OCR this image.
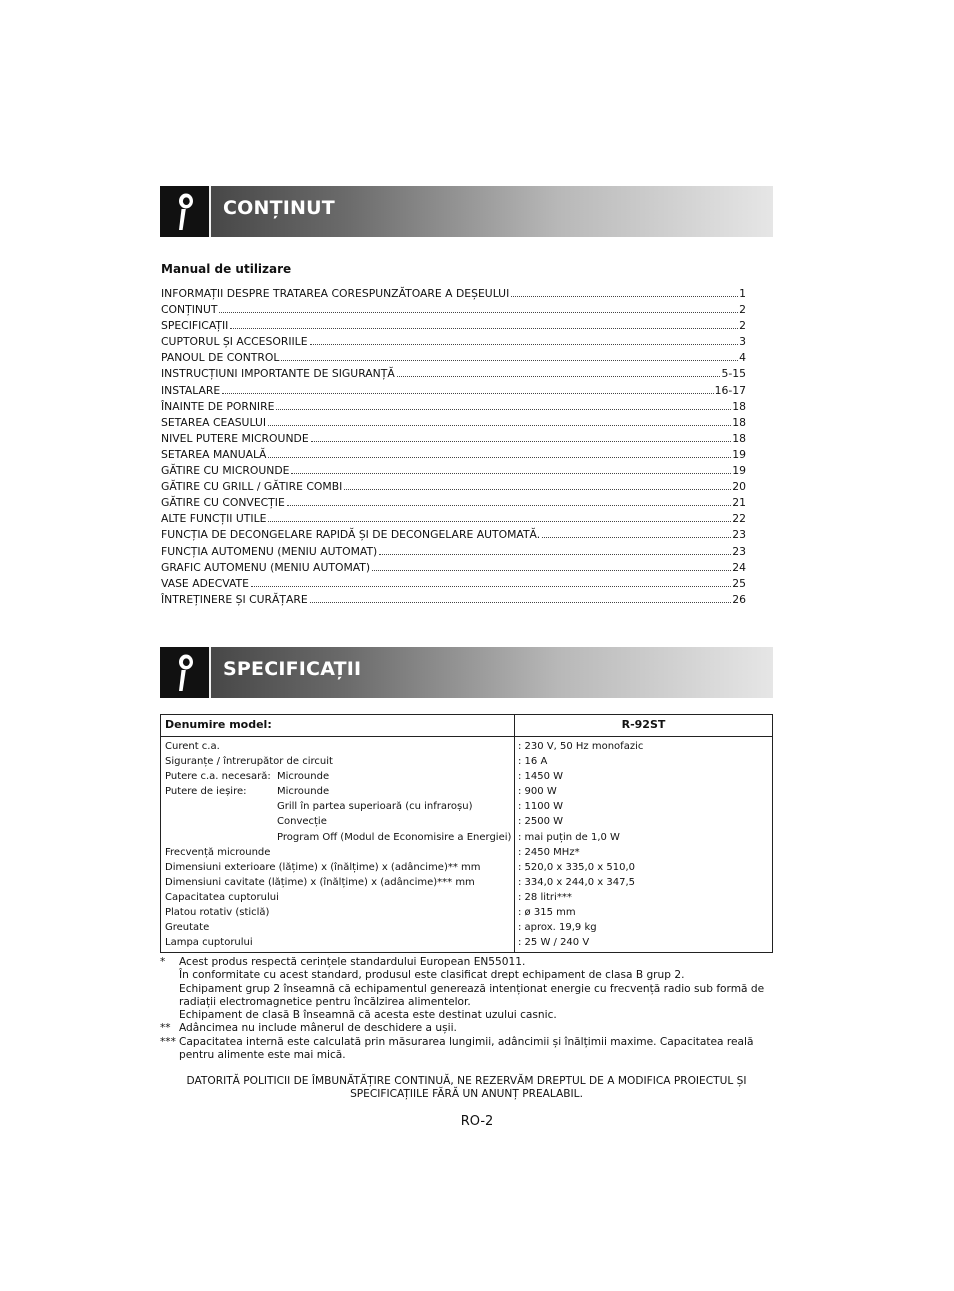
CONȚINUT
Manual de utilizare
INFORMAȚII DESPRE TRATAREA CORESPUNZĂTOARE A DEȘEULUI	1
CONȚINUT	2
SPECIFICAȚII	2
CUPTORUL ȘI ACCESORIILE	3
PANOUL DE CONTROL	4
INSTRUCȚIUNI IMPORTANTE DE SIGURANȚĂ	5-15
INSTALARE	16-17
ÎNAINTE DE PORNIRE	18
SETAREA CEASULUI	18
NIVEL PUTERE MICROUNDE	18
SETAREA MANUALĂ	19
GĂTIRE CU MICROUNDE	19
GĂTIRE CU GRILL / GĂTIRE COMBI	20
GĂTIRE CU CONVECȚIE	21
ALTE FUNCȚII UTILE	22
FUNCȚIA DE DECONGELARE RAPIDĂ ȘI DE DECONGELARE AUTOMATĂ.	23
FUNCȚIA AUTOMENU (MENIU AUTOMAT)	23
GRAFIC AUTOMENU (MENIU AUTOMAT)	24
VASE ADECVATE	25
ÎNTREȚINERE ȘI CURĂȚARE	26
SPECIFICAȚII
Denumire model:	R-92ST
Curent c.a.	: 230 V, 50 Hz monofazic
Siguranțe / întrerupător de circuit	: 16 A
Putere c.a. necesară: Microunde	: 1450 W
Putere de ieșire:	Microunde	: 900 W
Grill în partea superioară (cu infraroșu)	: 1100 W
Convecție	: 2500 W
Program Off (Modul de Economisire a Energiei) : mai puțin de 1,0 W
Frecvență microunde	: 2450 MHz*
Dimensiuni exterioare (lățime) x (înălțime) x (adâncime)** mm	: 520,0 x 335,0 x 510,0
Dimensiuni cavitate (lățime) x (înălțime) x (adâncime)*** mm	: 334,0 x 244,0 x 347,5
Capacitatea cuptorului	: 28 litri***
Platou rotativ (sticlă)	: ø 315 mm
Greutate	: aprox. 19,9 kg
Lampa cuptorului	: 25 W / 240 V
*	Acest produs respectă cerințele standardului European EN55011.
În conformitate cu acest standard, produsul este clasificat drept echipament de clasa B grup 2.
Echipament grup 2 înseamnă că echipamentul generează intenționat energie cu frecvență radio sub formă de radiații electromagnetice pentru încălzirea alimentelor.
Echipament de clasă B înseamnă că acesta este destinat uzului casnic.
** Adâncimea nu include mânerul de deschidere a ușii.
*** Capacitatea internă este calculată prin măsurarea lungimii, adâncimii și înălțimii maxime. Capacitatea reală pentru alimente este mai mică.
DATORITĂ POLITICII DE ÎMBUNĂTĂȚIRE CONTINUĂ, NE REZERVĂM DREPTUL DE A MODIFICA PROIECTUL ȘI SPECIFICAȚIILE FĂRĂ UN ANUNȚ PREALABIL.
RO-2
